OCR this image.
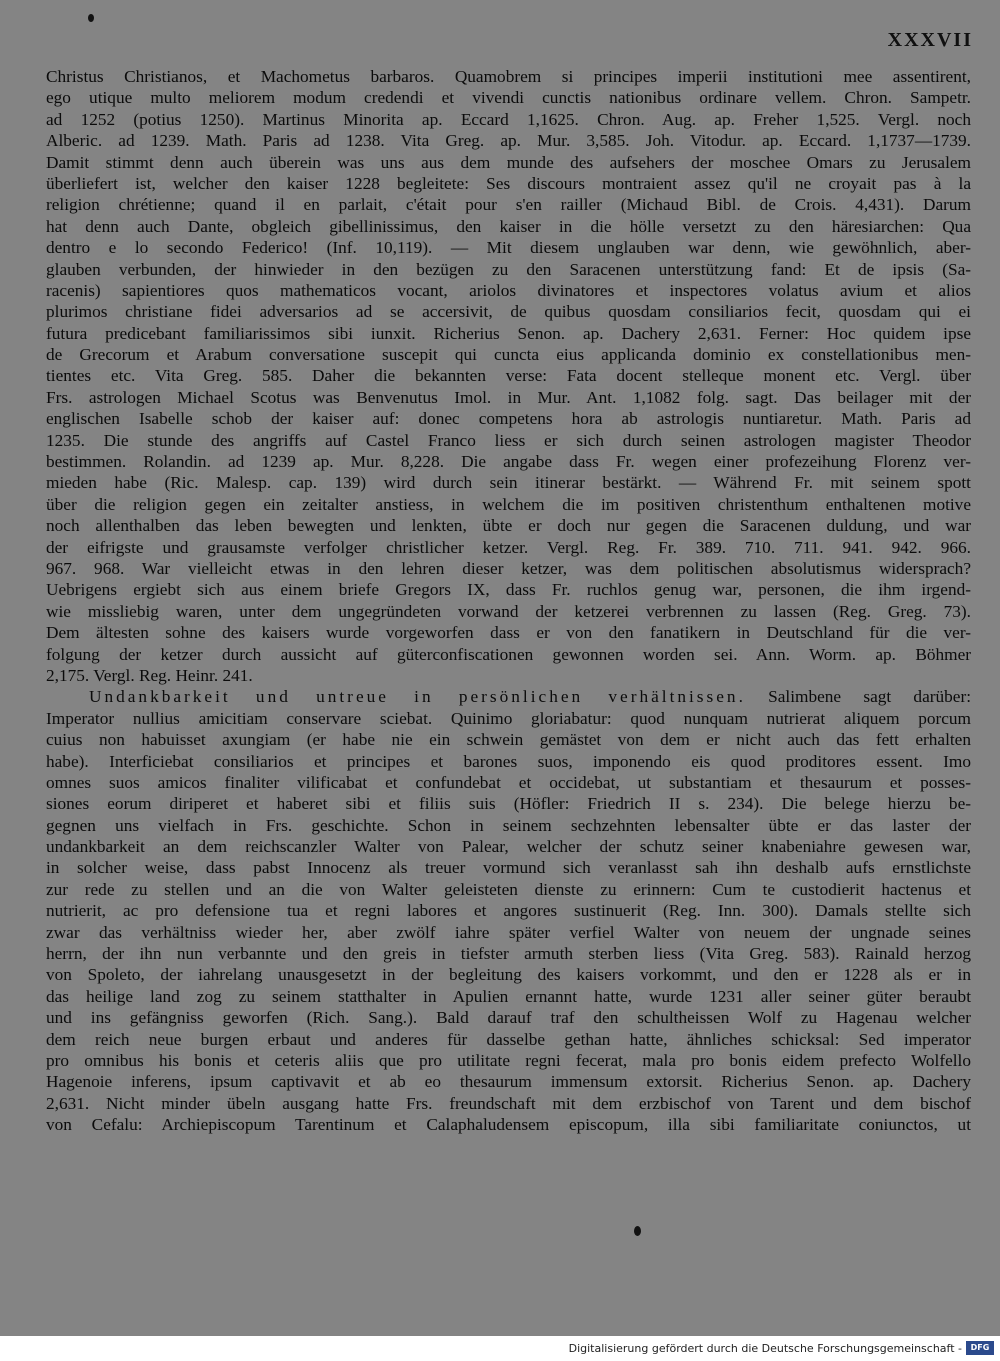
XXXVII
Christus Christianos, et Machometus barbaros. Quamobrem si principes imperii institutioni mee assentirent,
ego utique multo meliorem modum credendi et vivendi cunctis nationibus ordinare vellem. Chron. Sampetr.
ad 1252 (potius 1250). Martinus Minorita ap. Eccard 1,1625. Chron. Aug. ap. Freher 1,525. Vergl. noch
Alberic. ad 1239. Math. Paris ad 1238. Vita Greg. ap. Mur. 3,585. Joh. Vitodur. ap. Eccard. 1,1737—1739.
Damit stimmt denn auch überein was uns aus dem munde des aufsehers der moschee Omars zu Jerusalem
überliefert ist, welcher den kaiser 1228 begleitete: Ses discours montraient assez qu'il ne croyait pas à la
religion chrétienne; quand il en parlait, c'était pour s'en railler (Michaud Bibl. de Crois. 4,431). Darum
hat denn auch Dante, obgleich gibellinissimus, den kaiser in die hölle versetzt zu den häresiarchen: Qua
dentro e lo secondo Federico! (Inf. 10,119). — Mit diesem unglauben war denn, wie gewöhnlich, aber-
glauben verbunden, der hinwieder in den bezügen zu den Saracenen unterstützung fand: Et de ipsis (Sa-
racenis) sapientiores quos mathematicos vocant, ariolos divinatores et inspectores volatus avium et alios
plurimos christiane fidei adversarios ad se accersivit, de quibus quosdam consiliarios fecit, quosdam qui ei
futura predicebant familiarissimos sibi iunxit. Richerius Senon. ap. Dachery 2,631. Ferner: Hoc quidem ipse
de Grecorum et Arabum conversatione suscepit qui cuncta eius applicanda dominio ex constellationibus men-
tientes etc. Vita Greg. 585. Daher die bekannten verse: Fata docent stelleque monent etc. Vergl. über
Frs. astrologen Michael Scotus was Benvenutus Imol. in Mur. Ant. 1,1082 folg. sagt. Das beilager mit der
englischen Isabelle schob der kaiser auf: donec competens hora ab astrologis nuntiaretur. Math. Paris ad
1235. Die stunde des angriffs auf Castel Franco liess er sich durch seinen astrologen magister Theodor
bestimmen. Rolandin. ad 1239 ap. Mur. 8,228. Die angabe dass Fr. wegen einer profezeihung Florenz ver-
mieden habe (Ric. Malesp. cap. 139) wird durch sein itinerar bestärkt. — Während Fr. mit seinem spott
über die religion gegen ein zeitalter anstiess, in welchem die im positiven christenthum enthaltenen motive
noch allenthalben das leben bewegten und lenkten, übte er doch nur gegen die Saracenen duldung, und war
der eifrigste und grausamste verfolger christlicher ketzer. Vergl. Reg. Fr. 389. 710. 711. 941. 942. 966.
967. 968. War vielleicht etwas in den lehren dieser ketzer, was dem politischen absolutismus widersprach?
Uebrigens ergiebt sich aus einem briefe Gregors IX, dass Fr. ruchlos genug war, personen, die ihm irgend-
wie missliebig waren, unter dem ungegründeten vorwand der ketzerei verbrennen zu lassen (Reg. Greg. 73).
Dem ältesten sohne des kaisers wurde vorgeworfen dass er von den fanatikern in Deutschland für die ver-
folgung der ketzer durch aussicht auf güterconfiscationen gewonnen worden sei. Ann. Worm. ap. Böhmer
2,175. Vergl. Reg. Heinr. 241.
Undankbarkeit und untreue in persönlichen verhältnissen. Salimbene sagt darüber:
Imperator nullius amicitiam conservare sciebat. Quinimo gloriabatur: quod nunquam nutrierat aliquem porcum
cuius non habuisset axungiam (er habe nie ein schwein gemästet von dem er nicht auch das fett erhalten
habe). Interficiebat consiliarios et principes et barones suos, imponendo eis quod proditores essent. Imo
omnes suos amicos finaliter vilificabat et confundebat et occidebat, ut substantiam et thesaurum et posses-
siones eorum diriperet et haberet sibi et filiis suis (Höfler: Friedrich II s. 234). Die belege hierzu be-
gegnen uns vielfach in Frs. geschichte. Schon in seinem sechzehnten lebensalter übte er das laster der
undankbarkeit an dem reichscanzler Walter von Palear, welcher der schutz seiner knabeniahre gewesen war,
in solcher weise, dass pabst Innocenz als treuer vormund sich veranlasst sah ihn deshalb aufs ernstlichste
zur rede zu stellen und an die von Walter geleisteten dienste zu erinnern: Cum te custodierit hactenus et
nutrierit, ac pro defensione tua et regni labores et angores sustinuerit (Reg. Inn. 300). Damals stellte sich
zwar das verhältniss wieder her, aber zwölf iahre später verfiel Walter von neuem der ungnade seines
herrn, der ihn nun verbannte und den greis in tiefster armuth sterben liess (Vita Greg. 583). Rainald herzog
von Spoleto, der iahrelang unausgesetzt in der begleitung des kaisers vorkommt, und den er 1228 als er in
das heilige land zog zu seinem statthalter in Apulien ernannt hatte, wurde 1231 aller seiner güter beraubt
und ins gefängniss geworfen (Rich. Sang.). Bald darauf traf den schultheissen Wolf zu Hagenau welcher
dem reich neue burgen erbaut und anderes für dasselbe gethan hatte, ähnliches schicksal: Sed imperator
pro omnibus his bonis et ceteris aliis que pro utilitate regni fecerat, mala pro bonis eidem prefecto Wolfello
Hagenoie inferens, ipsum captivavit et ab eo thesaurum immensum extorsit. Richerius Senon. ap. Dachery
2,631. Nicht minder übeln ausgang hatte Frs. freundschaft mit dem erzbischof von Tarent und dem bischof
von Cefalu: Archiepiscopum Tarentinum et Calaphaludensem episcopum, illa sibi familiaritate coniunctos, ut
Digitalisierung gefördert durch die Deutsche Forschungsgemeinschaft -	DFG
